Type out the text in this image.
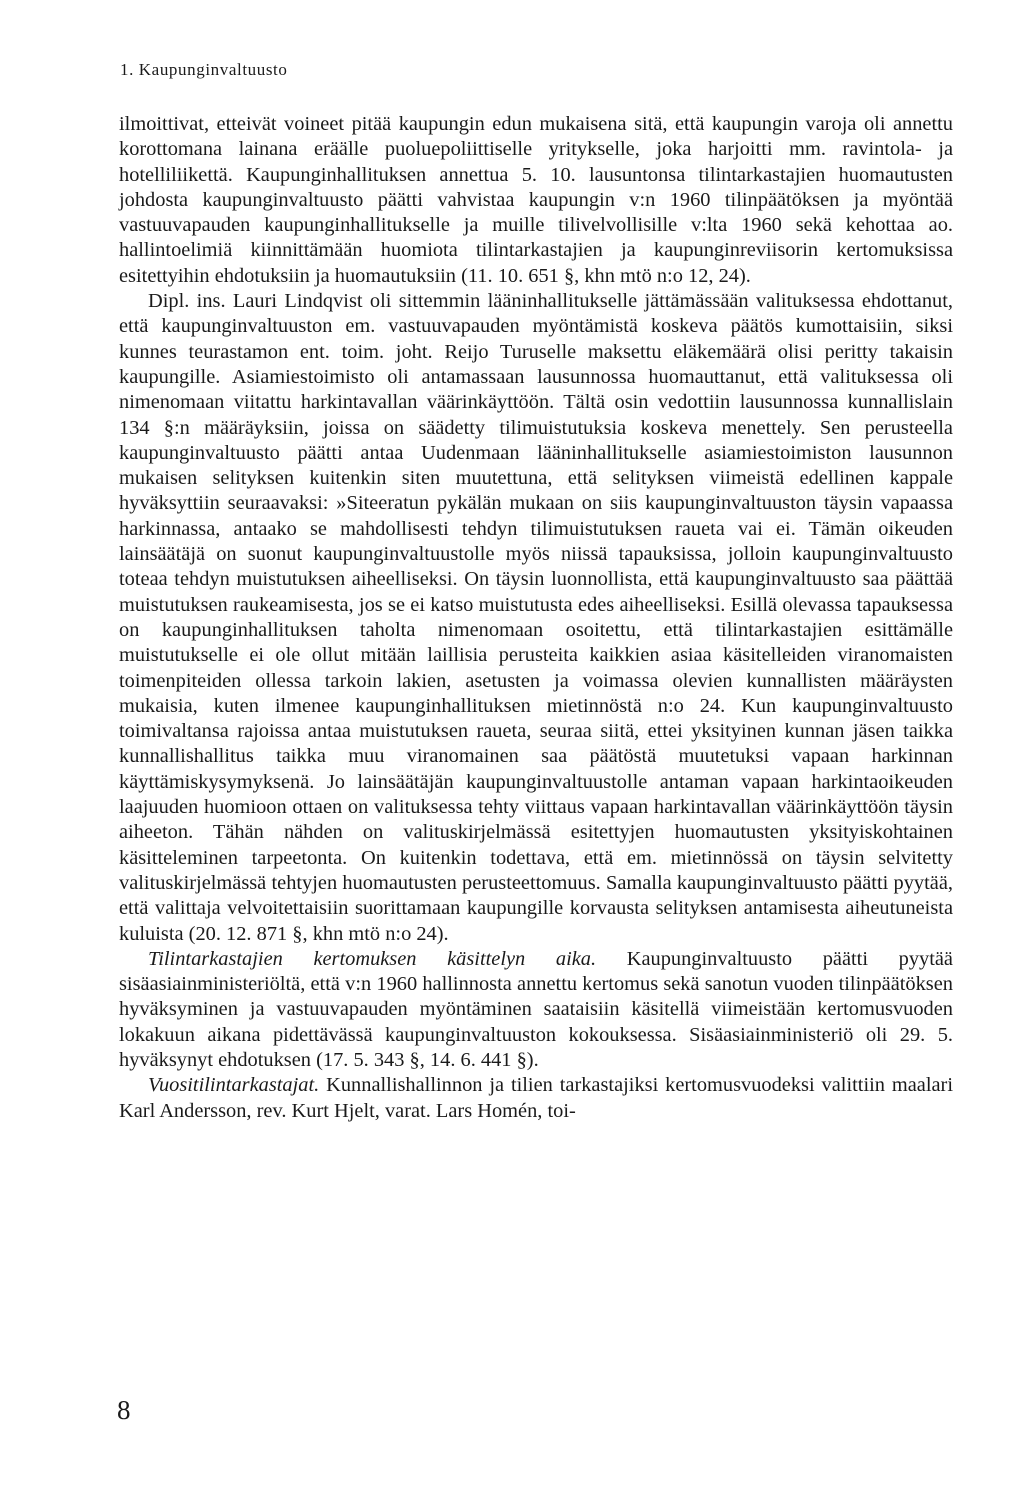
1. Kaupunginvaltuusto

ilmoittivat, etteivät voineet pitää kaupungin edun mukaisena sitä, että kaupungin varoja oli annettu korottomana lainana eräälle puoluepoliittiselle yritykselle, joka harjoitti mm. ravintola- ja hotelliliikettä. Kaupunginhallituksen annettua 5. 10. lausuntonsa tilintarkastajien huomautusten johdosta kaupunginvaltuusto päätti vahvistaa kaupungin v:n 1960 tilinpäätöksen ja myöntää vastuuvapauden kaupunginhallitukselle ja muille tilivelvollisille v:lta 1960 sekä kehottaa ao. hallintoelimiä kiinnittämään huomiota tilintarkastajien ja kaupunginreviisorin kertomuksissa esitettyihin ehdotuksiin ja huomautuksiin (11. 10. 651 §, khn mtö n:o 12, 24).

Dipl. ins. Lauri Lindqvist oli sittemmin lääninhallitukselle jättämässään valituksessa ehdottanut, että kaupunginvaltuuston em. vastuuvapauden myöntämistä koskeva päätös kumottaisiin, siksi kunnes teurastamon ent. toim. joht. Reijo Turuselle maksettu eläkemäärä olisi peritty takaisin kaupungille. Asiamiestoimisto oli antamassaan lausunnossa huomauttanut, että valituksessa oli nimenomaan viitattu harkintavallan väärinkäyttöön. Tältä osin vedottiin lausunnossa kunnallislain 134 §:n määräyksiin, joissa on säädetty tilimuistutuksia koskeva menettely. Sen perusteella kaupunginvaltuusto päätti antaa Uudenmaan lääninhallitukselle asiamiestoimiston lausunnon mukaisen selityksen kuitenkin siten muutettuna, että selityksen viimeistä edellinen kappale hyväksyttiin seuraavaksi: »Siteeratun pykälän mukaan on siis kaupunginvaltuuston täysin vapaassa harkinnassa, antaako se mahdollisesti tehdyn tilimuistutuksen raueta vai ei. Tämän oikeuden lainsäätäjä on suonut kaupunginvaltuustolle myös niissä tapauksissa, jolloin kaupunginvaltuusto toteaa tehdyn muistutuksen aiheelliseksi. On täysin luonnollista, että kaupunginvaltuusto saa päättää muistutuksen raukeamisesta, jos se ei katso muistutusta edes aiheelliseksi. Esillä olevassa tapauksessa on kaupunginhallituksen taholta nimenomaan osoitettu, että tilintarkastajien esittämälle muistutukselle ei ole ollut mitään laillisia perusteita kaikkien asiaa käsitelleiden viranomaisten toimenpiteiden ollessa tarkoin lakien, asetusten ja voimassa olevien kunnallisten määräysten mukaisia, kuten ilmenee kaupunginhallituksen mietinnöstä n:o 24. Kun kaupunginvaltuusto toimivaltansa rajoissa antaa muistutuksen raueta, seuraa siitä, ettei yksityinen kunnan jäsen taikka kunnallishallitus taikka muu viranomainen saa päätöstä muutetuksi vapaan harkinnan käyttämiskysymyksenä. Jo lainsäätäjän kaupunginvaltuustolle antaman vapaan harkintaoikeuden laajuuden huomioon ottaen on valituksessa tehty viittaus vapaan harkintavallan väärinkäyttöön täysin aiheeton. Tähän nähden on valituskirjelmässä esitettyjen huomautusten yksityiskohtainen käsitteleminen tarpeetonta. On kuitenkin todettava, että em. mietinnössä on täysin selvitetty valituskirjelmässä tehtyjen huomautusten perusteettomuus. Samalla kaupunginvaltuusto päätti pyytää, että valittaja velvoitettaisiin suorittamaan kaupungille korvausta selityksen antamisesta aiheutuneista kuluista (20. 12. 871 §, khn mtö n:o 24).

Tilintarkastajien kertomuksen käsittelyn aika. Kaupunginvaltuusto päätti pyytää sisäasiainministeriöltä, että v:n 1960 hallinnosta annettu kertomus sekä sanotun vuoden tilinpäätöksen hyväksyminen ja vastuuvapauden myöntäminen saataisiin käsitellä viimeistään kertomusvuoden lokakuun aikana pidettävässä kaupunginvaltuuston kokouksessa. Sisäasiainministeriö oli 29. 5. hyväksynyt ehdotuksen (17. 5. 343 §, 14. 6. 441 §).

Vuositilintarkastajat. Kunnallishallinnon ja tilien tarkastajiksi kertomusvuodeksi valittiin maalari Karl Andersson, rev. Kurt Hjelt, varat. Lars Homén, toi-

8
